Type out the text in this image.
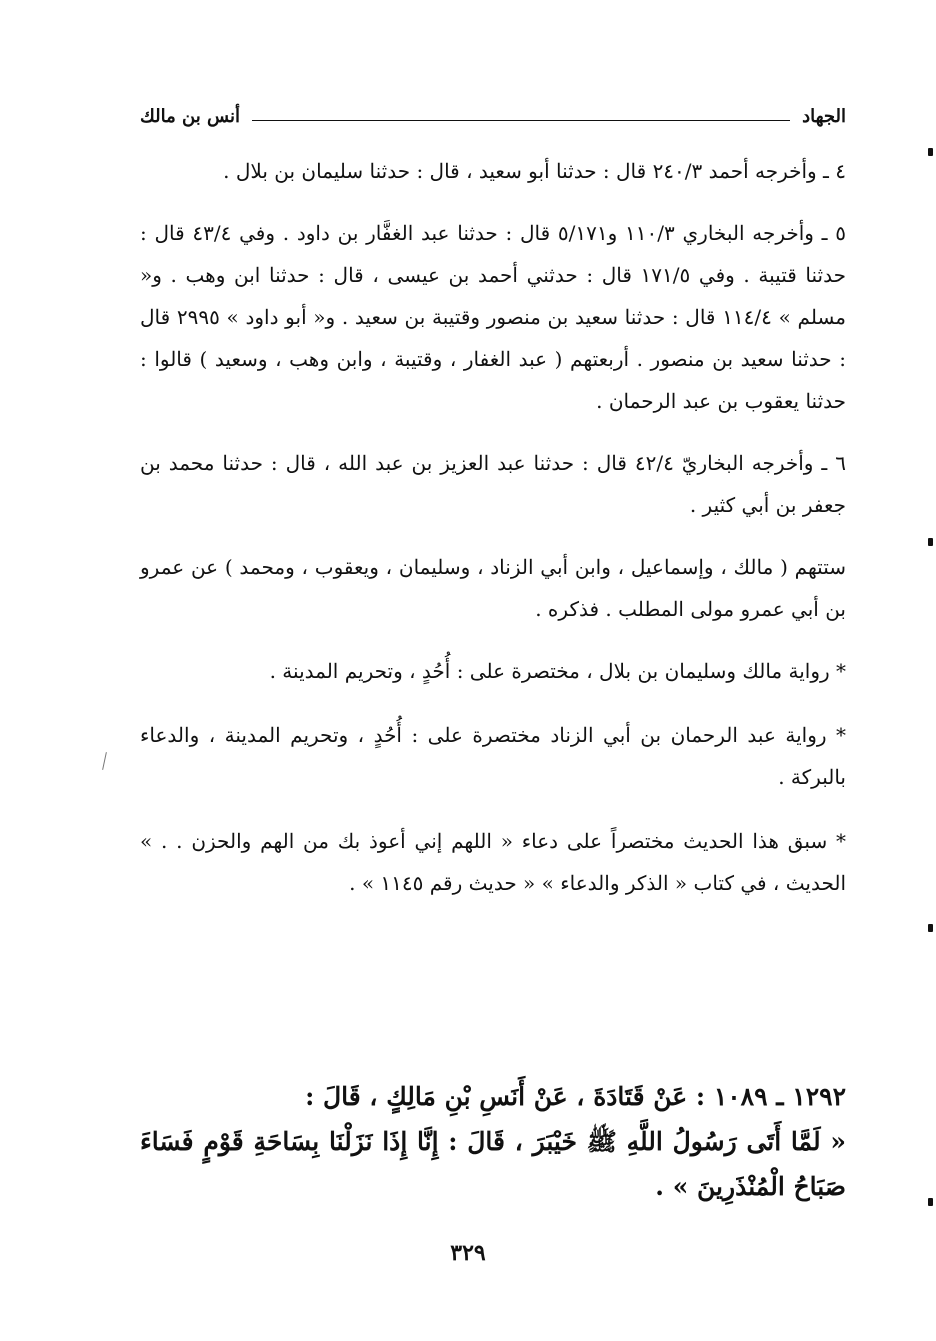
الجهاد
أنس بن مالك

٤ ـ وأخرجه أحمد ٢٤٠/٣ قال : حدثنا أبو سعيد ، قال : حدثنا سليمان بن بلال .

٥ ـ وأخرجه البخاري ١١٠/٣ و٥/١٧١ قال : حدثنا عبد الغفَّار بن داود . وفي ٤٣/٤ قال : حدثنا قتيبة . وفي ١٧١/٥ قال : حدثني أحمد بن عيسى ، قال : حدثنا ابن وهب . و« مسلم » ١١٤/٤ قال : حدثنا سعيد بن منصور وقتيبة بن سعيد . و« أبو داود » ٢٩٩٥ قال : حدثنا سعيد بن منصور . أربعتهم ( عبد الغفار ، وقتيبة ، وابن وهب ، وسعيد ) قالوا : حدثنا يعقوب بن عبد الرحمان .

٦ ـ وأخرجه البخاريّ ٤٢/٤ قال : حدثنا عبد العزيز بن عبد الله ، قال : حدثنا محمد بن جعفر بن أبي كثير .

ستتهم ( مالك ، وإسماعيل ، وابن أبي الزناد ، وسليمان ، ويعقوب ، ومحمد ) عن عمرو بن أبي عمرو مولى المطلب . فذكره .

* رواية مالك وسليمان بن بلال ، مختصرة على : أُحُدٍ ، وتحريم المدينة .

* رواية عبد الرحمان بن أبي الزناد مختصرة على : أُحُدٍ ، وتحريم المدينة ، والدعاء بالبركة .

* سبق هذا الحديث مختصراً على دعاء « اللهم إني أعوذ بك من الهم والحزن . . » الحديث ، في كتاب « الذكر والدعاء » « حديث رقم ١١٤٥ » .

١٢٩٢ ـ ١٠٨٩ : عَنْ قَتَادَةَ ، عَنْ أَنَسِ بْنِ مَالِكٍ ، قَالَ :

« لَمَّا أَتَى رَسُولُ اللَّهِ ﷺ خَيْبَرَ ، قَالَ : إِنَّا إِذَا نَزَلْنَا بِسَاحَةِ قَوْمٍ فَسَاءَ صَبَاحُ الْمُنْذَرِينَ » .

٣٢٩
